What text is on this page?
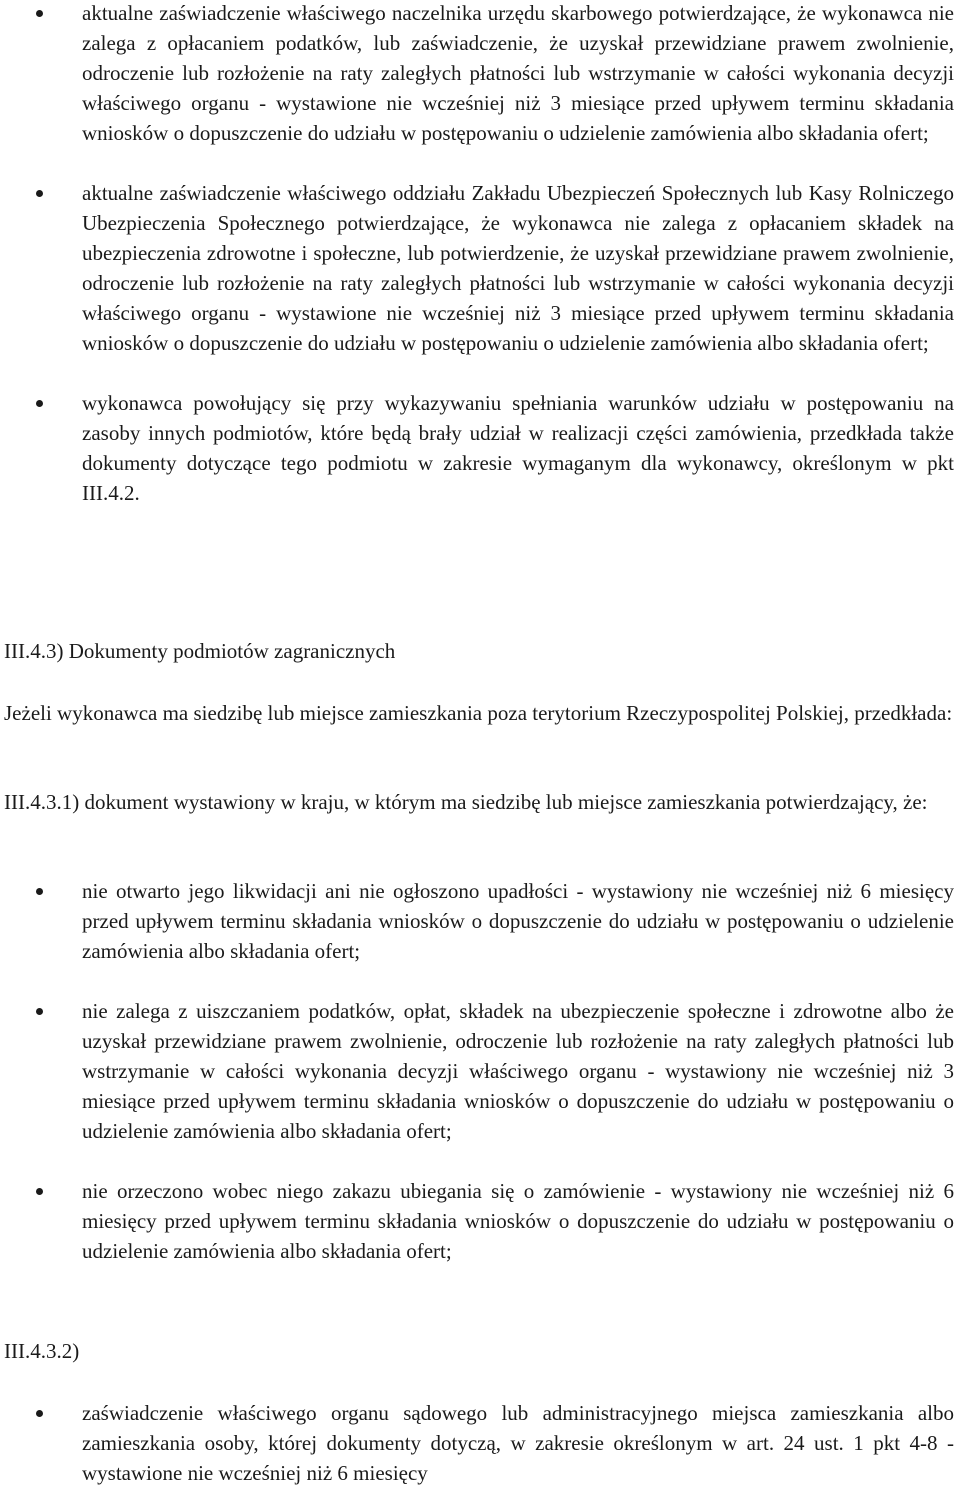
aktualne zaświadczenie właściwego naczelnika urzędu skarbowego potwierdzające, że wykonawca nie zalega z opłacaniem podatków, lub zaświadczenie, że uzyskał przewidziane prawem zwolnienie, odroczenie lub rozłożenie na raty zaległych płatności lub wstrzymanie w całości wykonania decyzji właściwego organu - wystawione nie wcześniej niż 3 miesiące przed upływem terminu składania wniosków o dopuszczenie do udziału w postępowaniu o udzielenie zamówienia albo składania ofert;
aktualne zaświadczenie właściwego oddziału Zakładu Ubezpieczeń Społecznych lub Kasy Rolniczego Ubezpieczenia Społecznego potwierdzające, że wykonawca nie zalega z opłacaniem składek na ubezpieczenia zdrowotne i społeczne, lub potwierdzenie, że uzyskał przewidziane prawem zwolnienie, odroczenie lub rozłożenie na raty zaległych płatności lub wstrzymanie w całości wykonania decyzji właściwego organu - wystawione nie wcześniej niż 3 miesiące przed upływem terminu składania wniosków o dopuszczenie do udziału w postępowaniu o udzielenie zamówienia albo składania ofert;
wykonawca powołujący się przy wykazywaniu spełniania warunków udziału w postępowaniu na zasoby innych podmiotów, które będą brały udział w realizacji części zamówienia, przedkłada także dokumenty dotyczące tego podmiotu w zakresie wymaganym dla wykonawcy, określonym w pkt III.4.2.

III.4.3) Dokumenty podmiotów zagranicznych

Jeżeli wykonawca ma siedzibę lub miejsce zamieszkania poza terytorium Rzeczypospolitej Polskiej, przedkłada:

III.4.3.1) dokument wystawiony w kraju, w którym ma siedzibę lub miejsce zamieszkania potwierdzający, że:

nie otwarto jego likwidacji ani nie ogłoszono upadłości - wystawiony nie wcześniej niż 6 miesięcy przed upływem terminu składania wniosków o dopuszczenie do udziału w postępowaniu o udzielenie zamówienia albo składania ofert;
nie zalega z uiszczaniem podatków, opłat, składek na ubezpieczenie społeczne i zdrowotne albo że uzyskał przewidziane prawem zwolnienie, odroczenie lub rozłożenie na raty zaległych płatności lub wstrzymanie w całości wykonania decyzji właściwego organu - wystawiony nie wcześniej niż 3 miesiące przed upływem terminu składania wniosków o dopuszczenie do udziału w postępowaniu o udzielenie zamówienia albo składania ofert;
nie orzeczono wobec niego zakazu ubiegania się o zamówienie - wystawiony nie wcześniej niż 6 miesięcy przed upływem terminu składania wniosków o dopuszczenie do udziału w postępowaniu o udzielenie zamówienia albo składania ofert;

III.4.3.2)

zaświadczenie właściwego organu sądowego lub administracyjnego miejsca zamieszkania albo zamieszkania osoby, której dokumenty dotyczą, w zakresie określonym w art. 24 ust. 1 pkt 4-8 - wystawione nie wcześniej niż 6 miesięcy
